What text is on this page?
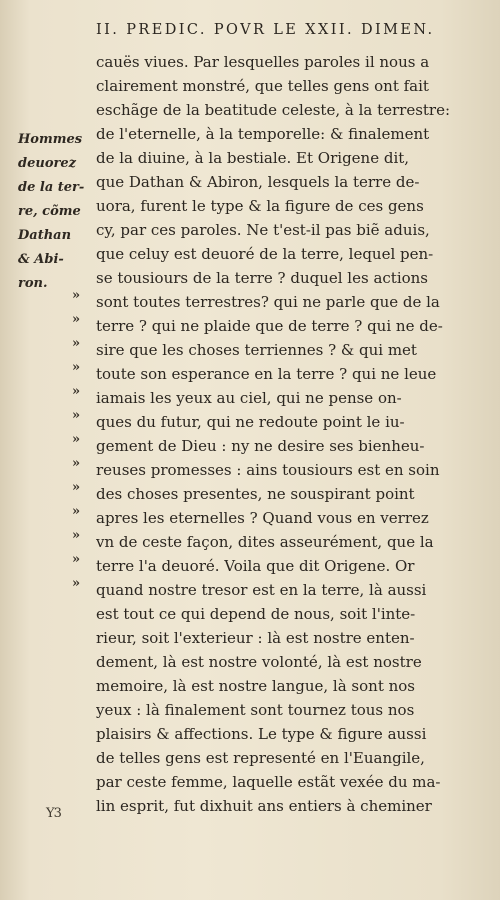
II. PREDIC. POVR LE XXII. DIMEN.
Hommes
deuorez
de la ter-
re, cõme
Dathan
& Abi-
ron.
»
»
»
»
»
»
»
»
»
»
»
»
»
cauës viues. Par lesquelles paroles il nous a
clairement monstré, que telles gens ont fait
eschãge de la beatitude celeste, à la terrestre:
de l'eternelle, à la temporelle: & finalement
de la diuine, à la bestiale. Et Origene dit,
que Dathan & Abiron, lesquels la terre de-
uora, furent le type & la figure de ces gens
cy, par ces paroles. Ne t'est-il pas biẽ aduis,
que celuy est deuoré de la terre, lequel pen-
se tousiours de la terre ? duquel les actions
sont toutes terrestres? qui ne parle que de la
terre ? qui ne plaide que de terre ? qui ne de-
sire que les choses terriennes ? & qui met
toute son esperance en la terre ? qui ne leue
iamais les yeux au ciel, qui ne pense on-
ques du futur, qui ne redoute point le iu-
gement de Dieu : ny ne desire ses bienheu-
reuses promesses : ains tousiours est en soin
des choses presentes, ne souspirant point
apres les eternelles ? Quand vous en verrez
vn de ceste façon, dites asseurément, que la
terre l'a deuoré. Voila que dit Origene. Or
quand nostre tresor est en la terre, là aussi
est tout ce qui depend de nous, soit l'inte-
rieur, soit l'exterieur : là est nostre enten-
dement, là est nostre volonté, là est nostre
memoire, là est nostre langue, là sont nos
yeux : là finalement sont tournez tous nos
plaisirs & affections. Le type & figure aussi
de telles gens est representé en l'Euangile,
par ceste femme, laquelle estãt vexée du ma-
lin esprit, fut dixhuit ans entiers à cheminer
Y3
